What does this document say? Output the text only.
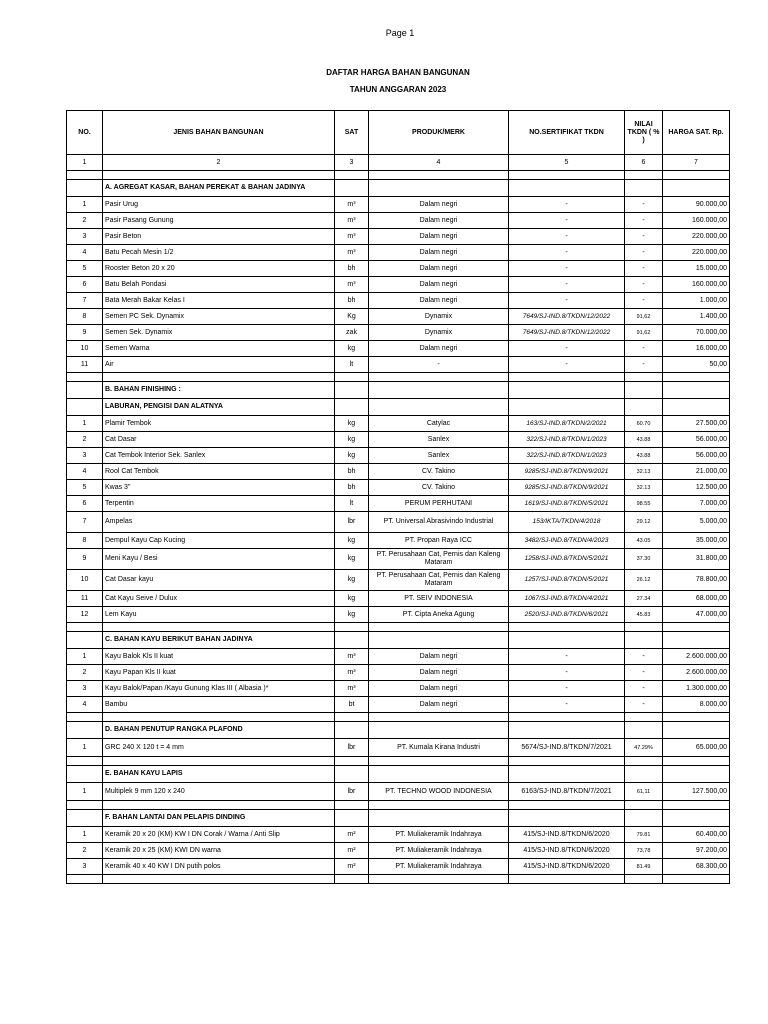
Page 1
DAFTAR HARGA BAHAN BANGUNAN
TAHUN ANGGARAN 2023
NO.	JENIS BAHAN BANGUNAN	SAT	PRODUK/MERK	NO.SERTIFIKAT TKDN	NILAI TKDN ( % )	HARGA SAT. Rp.
1	2	3	4	5	6	7

	A. AGREGAT KASAR, BAHAN PEREKAT & BAHAN JADINYA					
1	Pasir Urug	m³	Dalam negri	-	-	90.000,00
2	Pasir Pasang Gunung	m³	Dalam negri	-	-	160.000,00
3	Pasir Beton	m³	Dalam negri	-	-	220.000,00
4	Batu Pecah Mesin 1/2	m³	Dalam negri	-	-	220.000,00
5	Rooster Beton 20 x 20	bh	Dalam negri	-	-	15.000,00
6	Batu Belah Pondasi	m³	Dalam negri	-	-	160.000,00
7	Bata Merah Bakar Kelas I	bh	Dalam negri	-	-	1.000,00
8	Semen PC Sek. Dynamix	Kg	Dynamix	7649/SJ-IND.8/TKDN/12/2022	91,62	1.400,00
9	Semen Sek. Dynamix	zak	Dynamix	7649/SJ-IND.8/TKDN/12/2022	91,62	70.000,00
10	Semen Warna	kg	Dalam negri	-	-	16.000,00
11	Air	lt	-	-	-	50,00

	B. BAHAN FINISHING :					
	LABURAN, PENGISI DAN ALATNYA					
1	Plamir Tembok	kg	Catylac	163/SJ-IND.8/TKDN/2/2021	60.70	27.500,00
2	Cat Dasar	kg	Sanlex	322/SJ-IND.8/TKDN/1/2023	43.88	56.000,00
3	Cat Tembok Interior Sek. Sanlex	kg	Sanlex	322/SJ-IND.8/TKDN/1/2023	43.88	56.000,00
4	Rool Cat Tembok	bh	CV. Takino	9285/SJ-IND.8/TKDN/9/2021	32.13	21.000,00
5	Kwas 3"	bh	CV. Takino	9285/SJ-IND.8/TKDN/9/2021	32.13	12.500,00
6	Terpentin	lt	PERUM PERHUTANI	1619/SJ-IND.8/TKDN/5/2021	98.55	7.000,00
7	Ampelas	lbr	PT. Universal Abrasivindo Industrial	153/IKTA/TKDN/4/2018	29.12	5.000,00
8	Dempul Kayu Cap Kucing	kg	PT. Propan Raya ICC	3482/SJ-IND.8/TKDN/4/2023	43.05	35.000,00
9	Meni Kayu / Besi	kg	PT. Perusahaan Cat, Pernis dan Kaleng Mataram	1258/SJ-IND.8/TKDN/5/2021	37.30	31.800,00
10	Cat Dasar kayu	kg	PT. Perusahaan Cat, Pernis dan Kaleng Mataram	1257/SJ-IND.8/TKDN/5/2021	26.12	78.800,00
11	Cat Kayu Seive / Dulux	kg	PT. SEIV INDONESIA	1067/SJ-IND.8/TKDN/4/2021	27.34	68.000,00
12	Lem Kayu	kg	PT. Cipta Aneka Agung	2520/SJ-IND.8/TKDN/6/2021	45.83	47.000,00

	C. BAHAN KAYU BERIKUT BAHAN JADINYA					
1	Kayu Balok Kls II kuat	m³	Dalam negri	-	-	2.600.000,00
2	Kayu Papan Kls II kuat	m³	Dalam negri	-	-	2.600.000,00
3	Kayu Balok/Papan /Kayu Gunung Klas III ( Albasia )*	m³	Dalam negri	-	-	1.300.000,00
4	Bambu	bt	Dalam negri	-	-	8.000,00

	D. BAHAN PENUTUP RANGKA PLAFOND					
1	GRC 240 X 120 t = 4 mm	lbr	PT. Kumala Kirana Industri	5674/SJ-IND.8/TKDN/7/2021	47.29%	65.000,00

	E. BAHAN KAYU LAPIS					
1	Multiplek 9 mm 120 x 240	lbr	PT. TECHNO WOOD INDONESIA	6163/SJ-IND.8/TKDN/7/2021	61,11	127.500,00

	F. BAHAN LANTAI DAN PELAPIS DINDING					
1	Keramik 20 x 20 (KM) KW I DN Corak / Warna / Anti Slip	m²	PT. Muliakeramik Indahraya	415/SJ-IND.8/TKDN/6/2020	79.81	60.400,00
2	Keramik 20 x 25 (KM) KWI DN warna	m²	PT. Muliakeramik Indahraya	415/SJ-IND.8/TKDN/6/2020	73,78	97.200,00
3	Keramik 40 x 40 KW I DN putih polos	m²	PT. Muliakeramik Indahraya	415/SJ-IND.8/TKDN/6/2020	81.49	68.300,00
